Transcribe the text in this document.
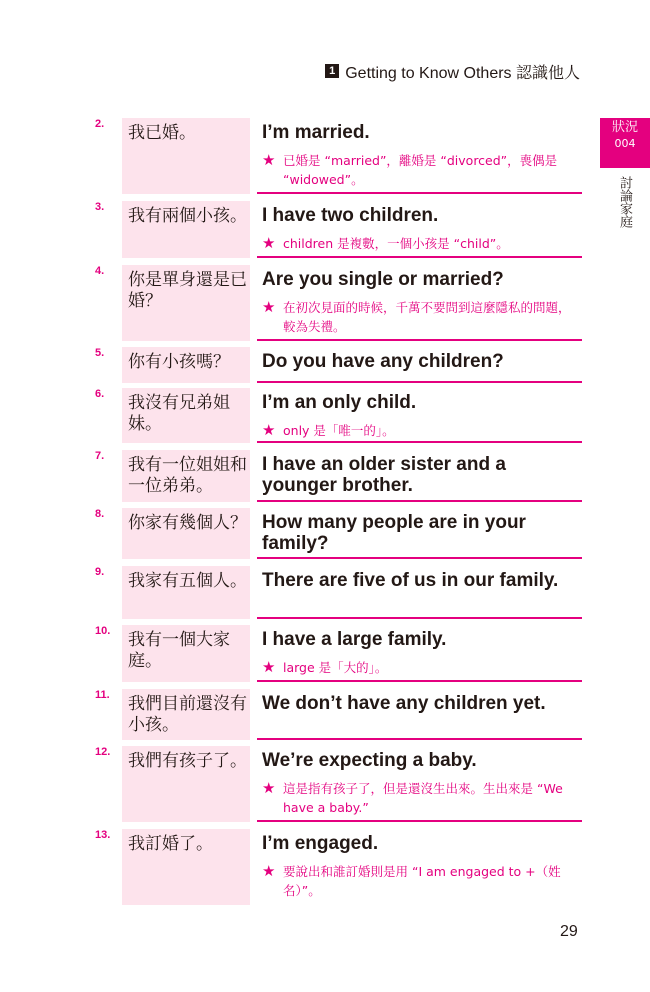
1 Getting to Know Others 認識他人
狀況
004
討論家庭
2.	我已婚。	I’m married.
★ 已婚是 “married”，離婚是 “divorced”，喪偶是 “widowed”。
3.	我有兩個小孩。 I have two children.
★ children 是複數，一個小孩是 “child”。
4.	你是單身還是已婚？
Are you single or married?
★ 在初次見面的時候，千萬不要問到這麼隱私的問題，較為失禮。
5.	你有小孩嗎？	Do you have any children?
6.	我沒有兄弟姐妹。
I’m an only child.
★ only 是「唯一的」。
7.	我有一位姐姐和一位弟弟。
I have an older sister and a younger brother.
8.	你家有幾個人？ How many people are in your family?
9.	我家有五個人。 There are five of us in our family.
10.	我有一個大家庭。
I have a large family.
★ large 是「大的」。
11.	我們目前還沒有小孩。
We don’t have any children yet.
12.	我們有孩子了。 We’re expecting a baby.
★ 這是指有孩子了，但是還沒生出來。生出來是 “We have a baby.”
13.	我訂婚了。	I’m engaged.
★ 要說出和誰訂婚則是用 “I am engaged to +（姓名）”。
29
